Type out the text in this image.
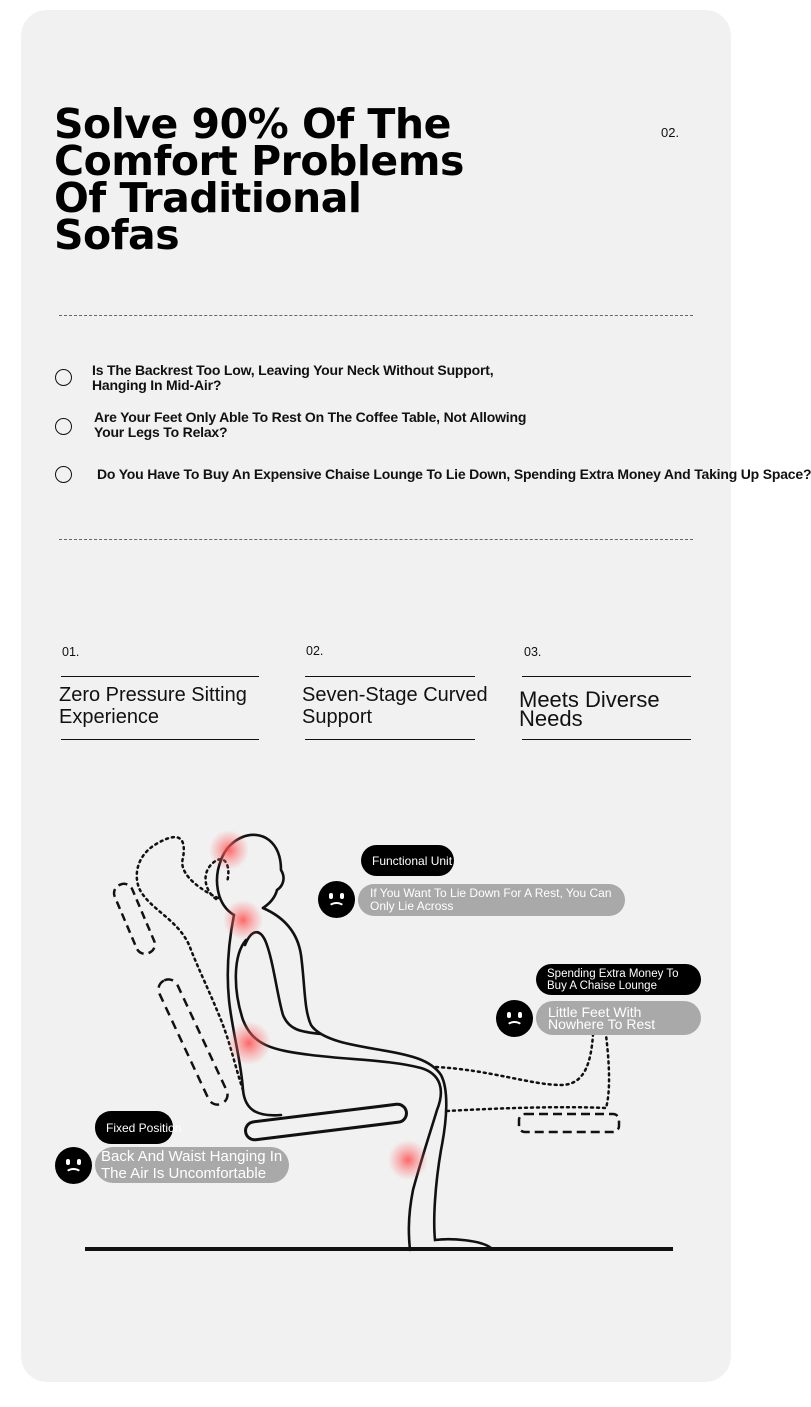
Solve 90% Of The
Comfort Problems
Of Traditional
Sofas
02.
Is The Backrest Too Low, Leaving Your Neck Without Support,
Hanging In Mid-Air?
Are Your Feet Only Able To Rest On The Coffee Table, Not Allowing
Your Legs To Relax?
Do You Have To Buy An Expensive Chaise Lounge To Lie Down, Spending Extra Money And Taking Up Space?
01.
Zero Pressure Sitting
Experience
02.
Seven-Stage Curved
Support
03.
Meets Diverse
Needs
Functional Unit
If You Want To Lie Down For A Rest, You Can
Only Lie Across
Spending Extra Money To
Buy A Chaise Lounge
Little Feet With
Nowhere To Rest
Fixed Position
Back And Waist Hanging In
The Air Is Uncomfortable
